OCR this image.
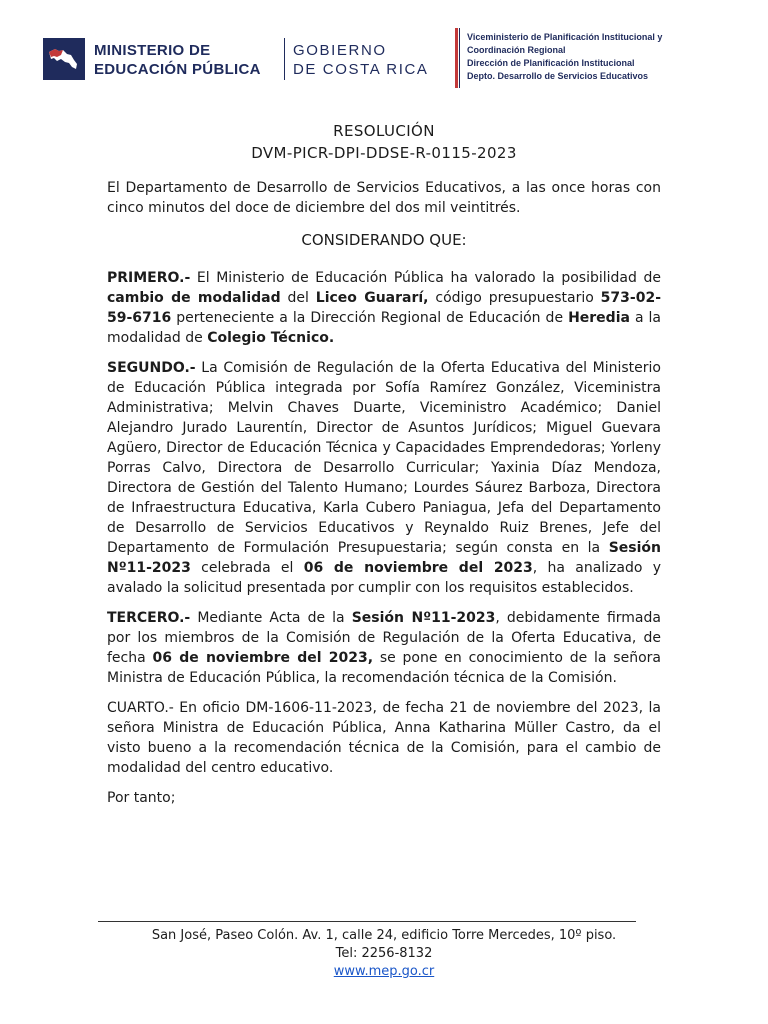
MINISTERIO DE
EDUCACIÓN PÚBLICA
GOBIERNO
DE COSTA RICA
Viceministerio de Planificación Institucional y
Coordinación Regional
Dirección de Planificación Institucional
Depto. Desarrollo de Servicios Educativos

RESOLUCIÓN
DVM-PICR-DPI-DDSE-R-0115-2023

El Departamento de Desarrollo de Servicios Educativos, a las once horas con cinco minutos del doce de diciembre del dos mil veintitrés.

CONSIDERANDO QUE:

PRIMERO.- El Ministerio de Educación Pública ha valorado la posibilidad de cambio de modalidad del Liceo Guararí, código presupuestario 573-02-59-6716 perteneciente a la Dirección Regional de Educación de Heredia a la modalidad de Colegio Técnico.

SEGUNDO.- La Comisión de Regulación de la Oferta Educativa del Ministerio de Educación Pública integrada por Sofía Ramírez González, Viceministra Administrativa; Melvin Chaves Duarte, Viceministro Académico; Daniel Alejandro Jurado Laurentín, Director de Asuntos Jurídicos; Miguel Guevara Agüero, Director de Educación Técnica y Capacidades Emprendedoras; Yorleny Porras Calvo, Directora de Desarrollo Curricular; Yaxinia Díaz Mendoza, Directora de Gestión del Talento Humano; Lourdes Sáurez Barboza, Directora de Infraestructura Educativa, Karla Cubero Paniagua, Jefa del Departamento de Desarrollo de Servicios Educativos y Reynaldo Ruiz Brenes, Jefe del Departamento de Formulación Presupuestaria; según consta en la Sesión Nº11-2023 celebrada el 06 de noviembre del 2023, ha analizado y avalado la solicitud presentada por cumplir con los requisitos establecidos.

TERCERO.- Mediante Acta de la Sesión Nº11-2023, debidamente firmada por los miembros de la Comisión de Regulación de la Oferta Educativa, de fecha 06 de noviembre del 2023, se pone en conocimiento de la señora Ministra de Educación Pública, la recomendación técnica de la Comisión.

CUARTO.- En oficio DM-1606-11-2023, de fecha 21 de noviembre del 2023, la señora Ministra de Educación Pública, Anna Katharina Müller Castro, da el visto bueno a la recomendación técnica de la Comisión, para el cambio de modalidad del centro educativo.

Por tanto;

San José, Paseo Colón. Av. 1, calle 24, edificio Torre Mercedes, 10º piso.
Tel: 2256-8132
www.mep.go.cr
